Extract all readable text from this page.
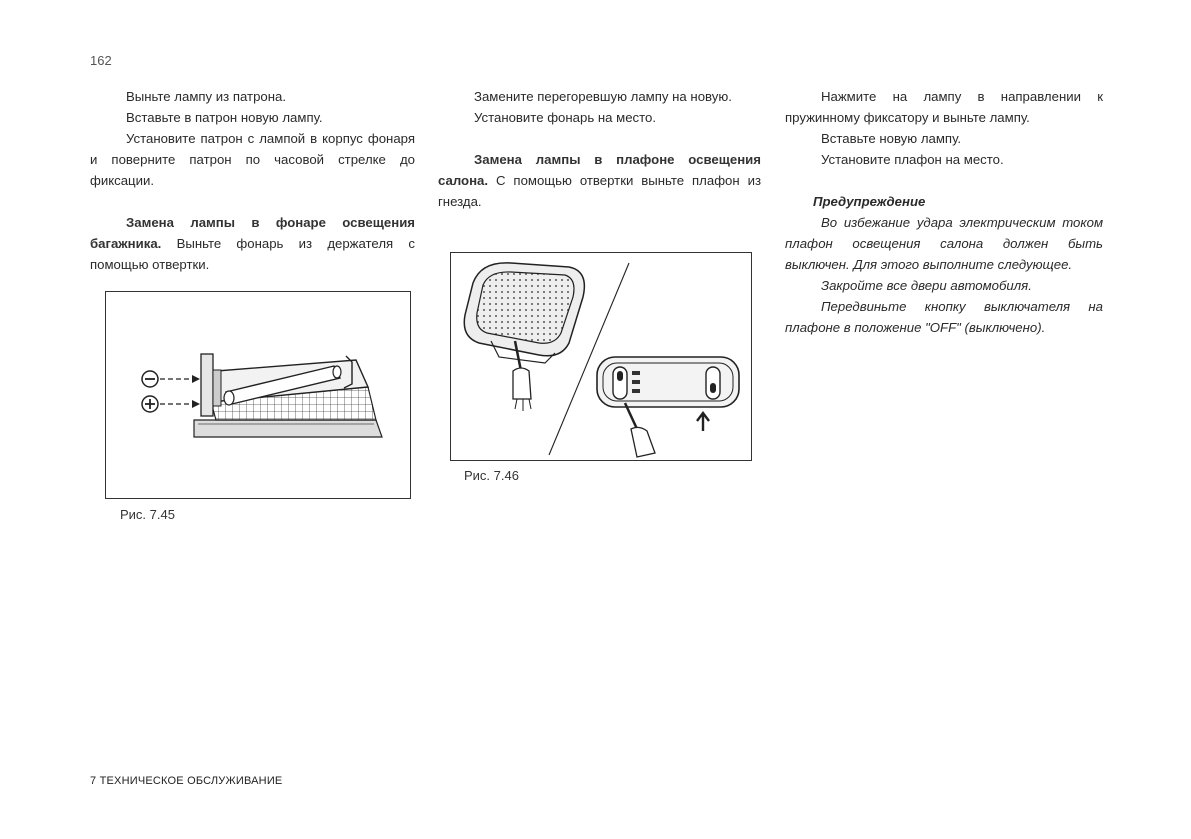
162

Выньте лампу из патрона.

Вставьте в патрон новую лампу.

Установите патрон с лампой в корпус фонаря и поверните патрон по часовой стрелке до фиксации.

Замена лампы в фонаре освещения багажника. Выньте фонарь из держателя с помощью отвертки.

Рис. 7.45

Замените перегоревшую лампу на новую.

Установите фонарь на место.

Замена лампы в плафоне освещения салона. С помощью отвертки выньте плафон из гнезда.

Рис. 7.46

Нажмите на лампу в направлении к пружинному фиксатору и выньте лампу.

Вставьте новую лампу.

Установите плафон на место.

Предупреждение

Во избежание удара электрическим током плафон освещения салона должен быть выключен. Для этого выполните следующее.

Закройте все двери автомобиля.

Передвиньте кнопку выключателя на плафоне в положение "OFF" (выключено).

7 ТЕХНИЧЕСКОЕ ОБСЛУЖИВАНИЕ
